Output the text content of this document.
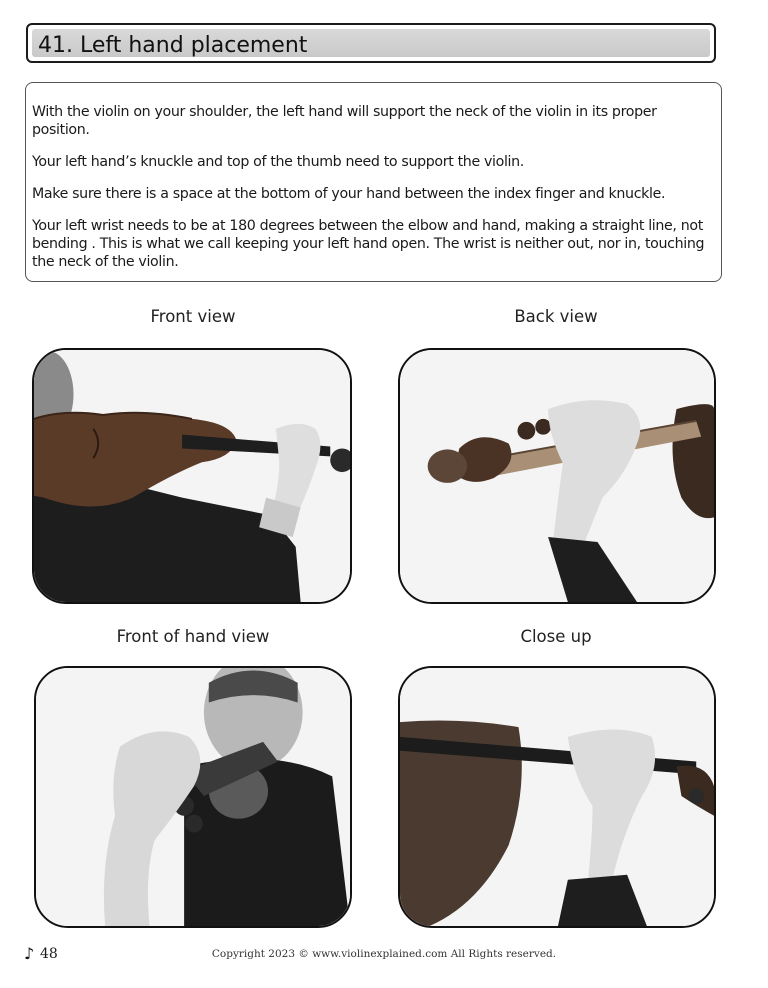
41. Left hand placement

With the violin on your shoulder, the left hand will support the neck of the violin in its proper position.

Your left hand’s knuckle and top of the thumb need to support the violin.

Make sure there is a space at the bottom of your hand between the index finger and knuckle.

Your left wrist needs to be at 180 degrees between the elbow and hand, making a straight line, not bending . This is what we call keeping your left hand open. The wrist is neither out, nor in, touching the neck of the violin.

Front view	Back view
Front of hand view	Close up
♪ 48	Copyright 2023 © www.violinexplained.com All Rights reserved.
